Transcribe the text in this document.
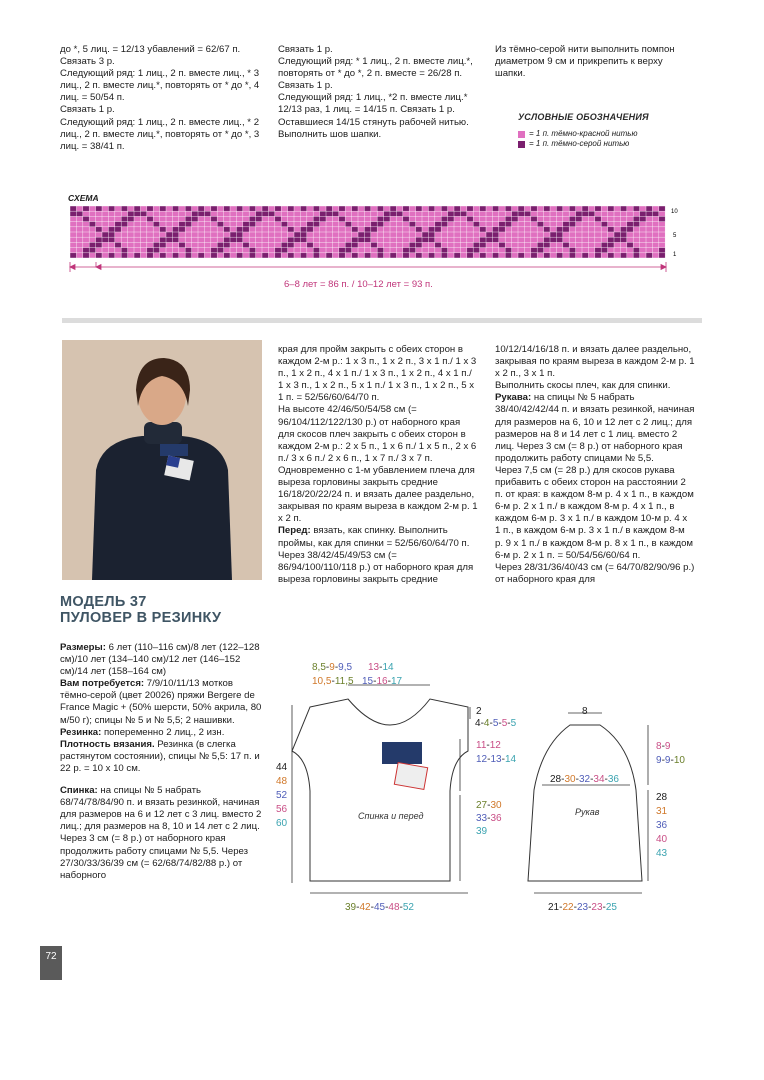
до *, 5 лиц. = 12/13 убавлений = 62/67 п. Связать 3 р.

Следующий ряд: 1 лиц., 2 п. вместе лиц., * 3 лиц., 2 п. вместе лиц.*, повторять от * до *, 4 лиц. = 50/54 п.

Связать 1 р.

Следующий ряд: 1 лиц., 2 п. вместе лиц., * 2 лиц., 2 п. вместе лиц.*, повторять от * до *, 3 лиц. = 38/41 п.

Связать 1 р.

Следующий ряд: * 1 лиц., 2 п. вместе лиц.*, повторять от * до *, 2 п. вместе = 26/28 п. Связать 1 р.

Следующий ряд: 1 лиц., *2 п. вместе лиц.* 12/13 раз, 1 лиц. = 14/15 п. Связать 1 р. Оставшиеся 14/15 стянуть рабочей нитью.

Выполнить шов шапки.

Из тёмно-серой нити выполнить помпон диаметром 9 см и прикрепить к верху шапки.

УСЛОВНЫЕ ОБОЗНАЧЕНИЯ
= 1 п. тёмно-красной нитью
= 1 п. тёмно-серой нитью
СХЕМА
10
5
1
6–8 лет = 86 п. / 10–12 лет = 93 п.
МОДЕЛЬ 37
ПУЛОВЕР В РЕЗИНКУ

Размеры: 6 лет (110–116 см)/8 лет (122–128 см)/10 лет (134–140 см)/12 лет (146–152 см)/14 лет (158–164 см)

Вам потребуется: 7/9/10/11/13 мотков тёмно-серой (цвет 20026) пряжи Bergere de France Magic + (50% шерсти, 50% акрила, 80 м/50 г); спицы № 5 и № 5,5; 2 нашивки.

Резинка: попеременно 2 лиц., 2 изн.

Плотность вязания. Резинка (в слегка растянутом состоянии), спицы № 5,5: 17 п. и 22 р. = 10 х 10 см.

Спинка: на спицы № 5 набрать 68/74/78/84/90 п. и вязать резинкой, начиная для размеров на 6 и 12 лет с 3 лиц. вместо 2 лиц.; для размеров на 8, 10 и 14 лет с 2 лиц. Через 3 см (= 8 р.) от наборного края продолжить работу спицами № 5,5. Через 27/30/33/36/39 см (= 62/68/74/82/88 р.) от наборного

края для пройм закрыть с обеих сторон в каждом 2-м р.: 1 х 3 п., 1 х 2 п., 3 х 1 п./ 1 х 3 п., 1 х 2 п., 4 х 1 п./ 1 х 3 п., 1 х 2 п., 4 х 1 п./ 1 х 3 п., 1 х 2 п., 5 х 1 п./ 1 х 3 п., 1 х 2 п., 5 х 1 п. = 52/56/60/64/70 п.

На высоте 42/46/50/54/58 см (= 96/104/112/122/130 р.) от наборного края для скосов плеч закрыть с обеих сторон в каждом 2-м р.: 2 х 5 п., 1 х 6 п./ 1 х 5 п., 2 х 6 п./ 3 х 6 п./ 2 х 6 п., 1 х 7 п./ 3 х 7 п.

Одновременно с 1-м убавлением плеча для выреза горловины закрыть средние 16/18/20/22/24 п. и вязать далее раздельно, закрывая по краям выреза в каждом 2-м р. 1 х 2 п.

Перед: вязать, как спинку. Выполнить проймы, как для спинки = 52/56/60/64/70 п.

Через 38/42/45/49/53 см (= 86/94/100/110/118 р.) от наборного края для выреза горловины закрыть средние

10/12/14/16/18 п. и вязать далее раздельно, закрывая по краям выреза в каждом 2-м р. 1 х 2 п., 3 х 1 п.

Выполнить скосы плеч, как для спинки.

Рукава: на спицы № 5 набрать 38/40/42/42/44 п. и вязать резинкой, начиная для размеров на 6, 10 и 12 лет с 2 лиц.; для размеров на 8 и 14 лет с 1 лиц. вместо 2 лиц. Через 3 см (= 8 р.) от наборного края продолжить работу спицами № 5,5.

Через 7,5 см (= 28 р.) для скосов рукава прибавить с обеих сторон на расстоянии 2 п. от края: в каждом 8-м р. 4 х 1 п., в каждом 6-м р. 2 х 1 п./ в каждом 8-м р. 4 х 1 п., в каждом 6-м р. 3 х 1 п./ в каждом 10-м р. 4 х 1 п., в каждом 6-м р. 3 х 1 п./ в каждом 8-м р. 9 х 1 п./ в каждом 8-м р. 8 х 1 п., в каждом 6-м р. 2 х 1 п. = 50/54/56/60/64 п.

Через 28/31/36/40/43 см (= 64/70/82/90/96 р.) от наборного края для

Спинка и перед	Рукав
8,5-9-9,5 13-14
10,5-11,5 15-16-17
2
4-4-5-5-5
11-12
12-13-14
27-30
33-36
39
44
48
52
56
60
39-42-45-48-52
8
8-9
9-9-10
28-30-32-34-36
28
31
36
40
43
21-22-23-23-25
72
